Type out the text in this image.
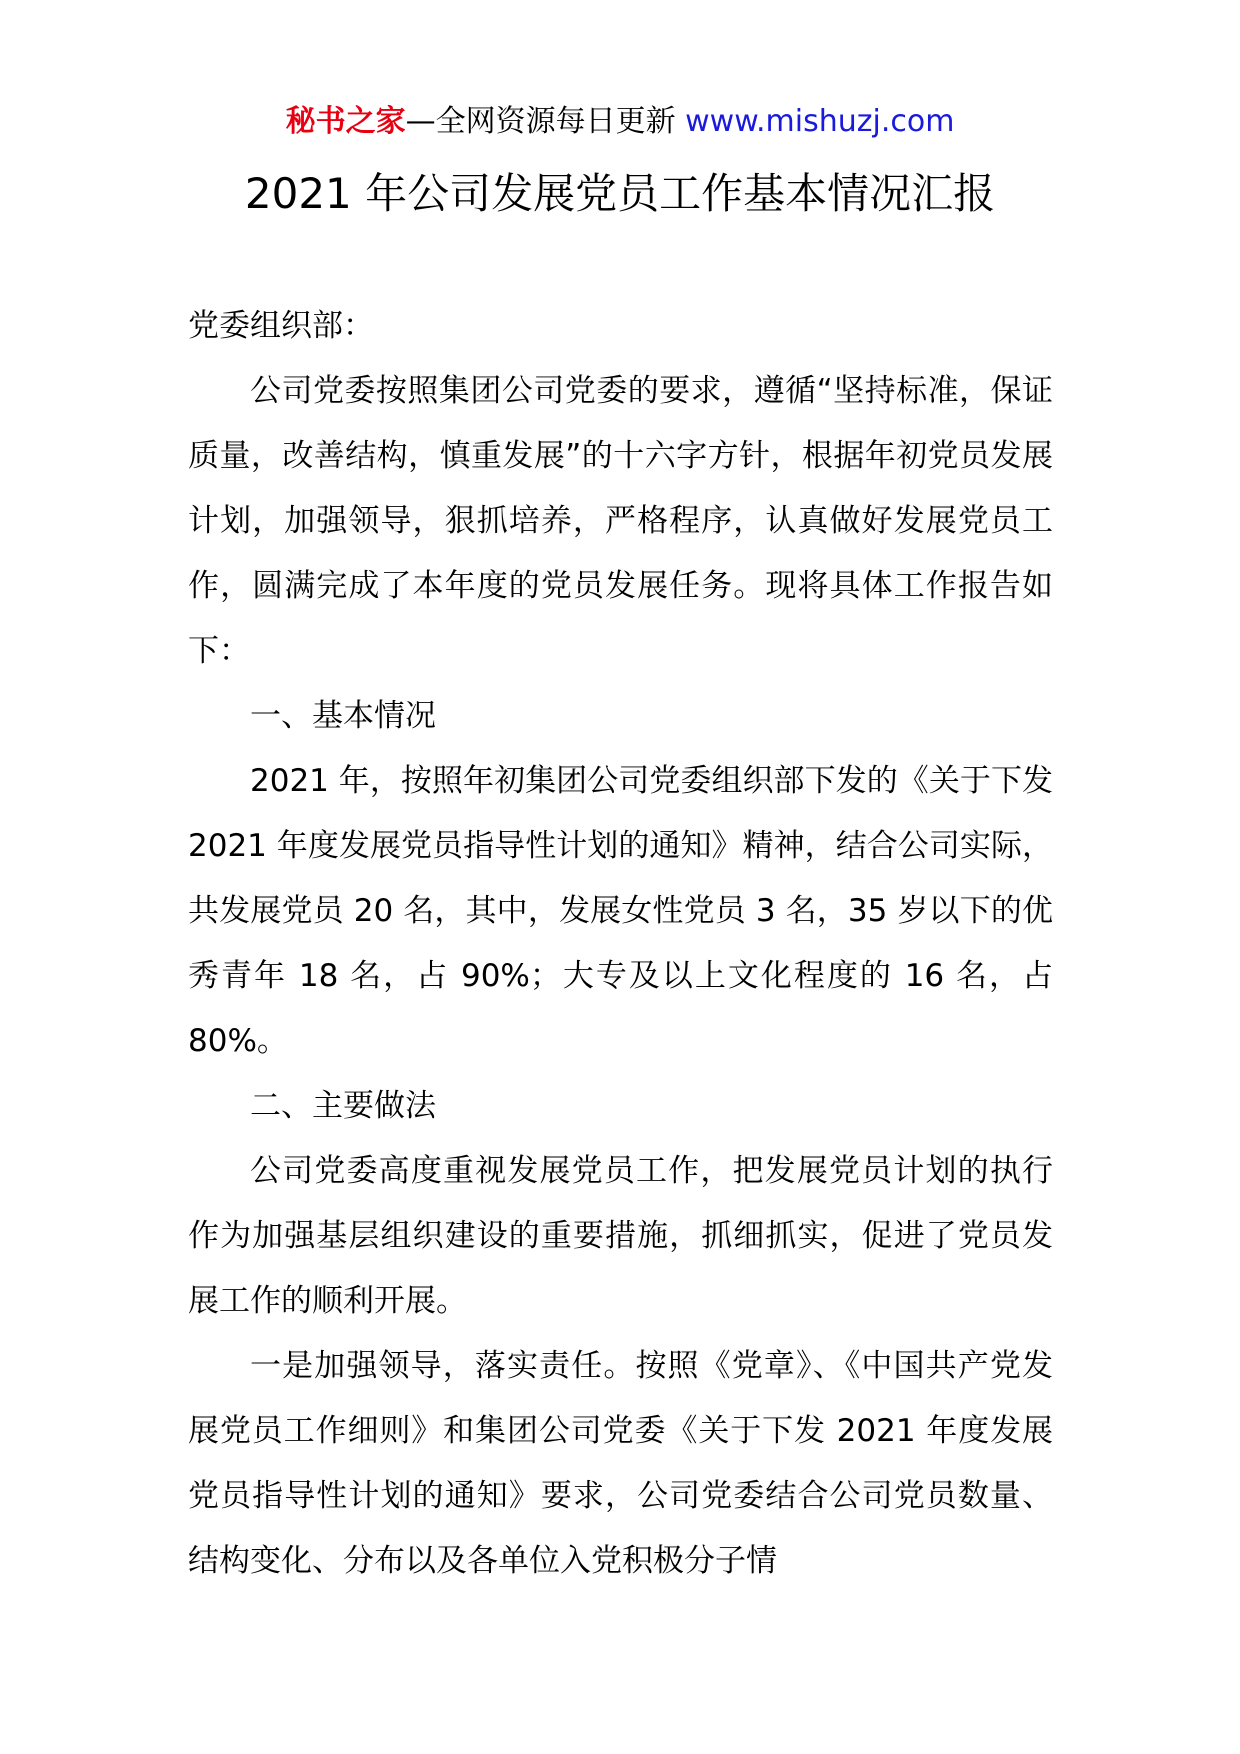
秘书之家—全网资源每日更新 www.mishuzj.com
2021 年公司发展党员工作基本情况汇报

党委组织部：

公司党委按照集团公司党委的要求，遵循“坚持标准，保证质量，改善结构，慎重发展”的十六字方针，根据年初党员发展计划，加强领导，狠抓培养，严格程序，认真做好发展党员工作，圆满完成了本年度的党员发展任务。现将具体工作报告如下：

一、基本情况

2021 年，按照年初集团公司党委组织部下发的《关于下发 2021 年度发展党员指导性计划的通知》精神，结合公司实际，共发展党员 20 名，其中，发展女性党员 3 名，35 岁以下的优秀青年 18 名，占 90%；大专及以上文化程度的 16 名，占 80%。

二、主要做法

公司党委高度重视发展党员工作，把发展党员计划的执行作为加强基层组织建设的重要措施，抓细抓实，促进了党员发展工作的顺利开展。

一是加强领导，落实责任。按照《党章》、《中国共产党发展党员工作细则》和集团公司党委《关于下发 2021 年度发展党员指导性计划的通知》要求，公司党委结合公司党员数量、结构变化、分布以及各单位入党积极分子情
